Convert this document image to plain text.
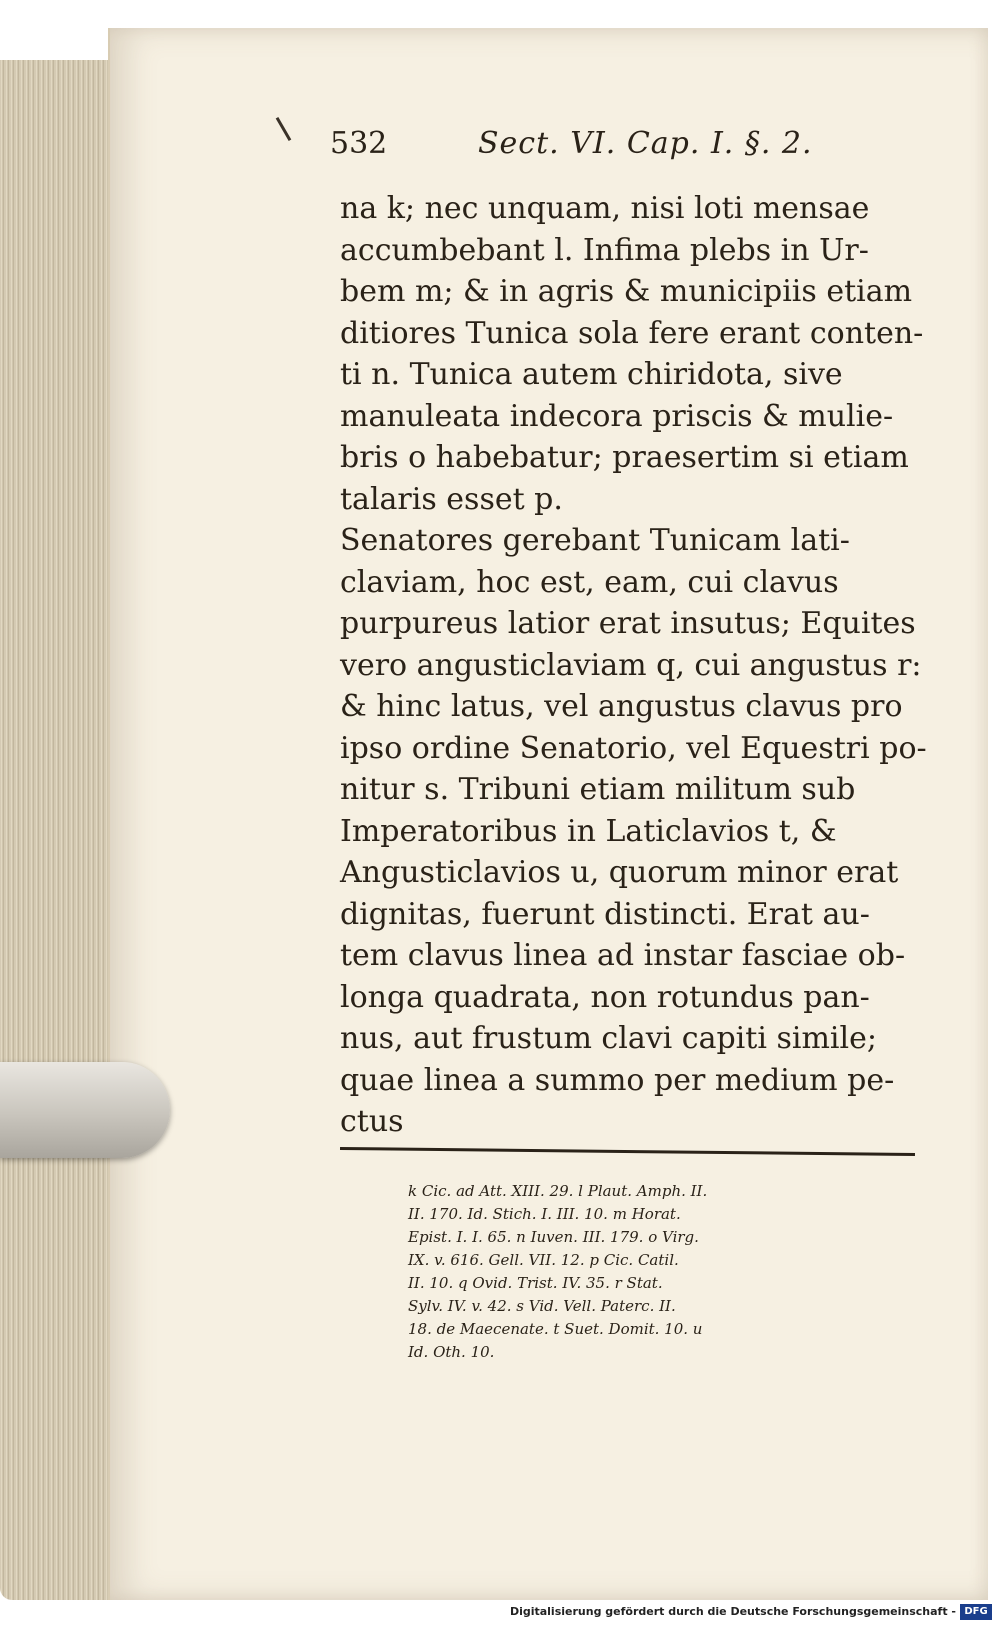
532	Sect. VI. Cap. I. §. 2.
na k; nec unquam, nisi loti mensae
accumbebant l. Infima plebs in Ur-
bem m; & in agris & municipiis etiam
ditiores Tunica sola fere erant conten-
ti n. Tunica autem chiridota, sive
manuleata indecora priscis & mulie-
bris o habebatur; praesertim si etiam
talaris esset p.
Senatores gerebant Tunicam lati-
claviam, hoc est, eam, cui clavus
purpureus latior erat insutus; Equites
vero angusticlaviam q, cui angustus r:
& hinc latus, vel angustus clavus pro
ipso ordine Senatorio, vel Equestri po-
nitur s. Tribuni etiam militum sub
Imperatoribus in Laticlavios t, &
Angusticlavios u, quorum minor erat
dignitas, fuerunt distincti. Erat au-
tem clavus linea ad instar fasciae ob-
longa quadrata, non rotundus pan-
nus, aut frustum clavi capiti simile;
quae linea a summo per medium pe-
ctus
k Cic. ad Att. XIII. 29. l Plaut. Amph. II.
II. 170. Id. Stich. I. III. 10. m Horat.
Epist. I. I. 65. n Iuven. III. 179. o Virg.
IX. v. 616. Gell. VII. 12. p Cic. Catil.
II. 10. q Ovid. Trist. IV. 35. r Stat.
Sylv. IV. v. 42. s Vid. Vell. Paterc. II.
18. de Maecenate. t Suet. Domit. 10. u
Id. Oth. 10.
Digitalisierung gefördert durch die Deutsche Forschungsgemeinschaft - DFG
